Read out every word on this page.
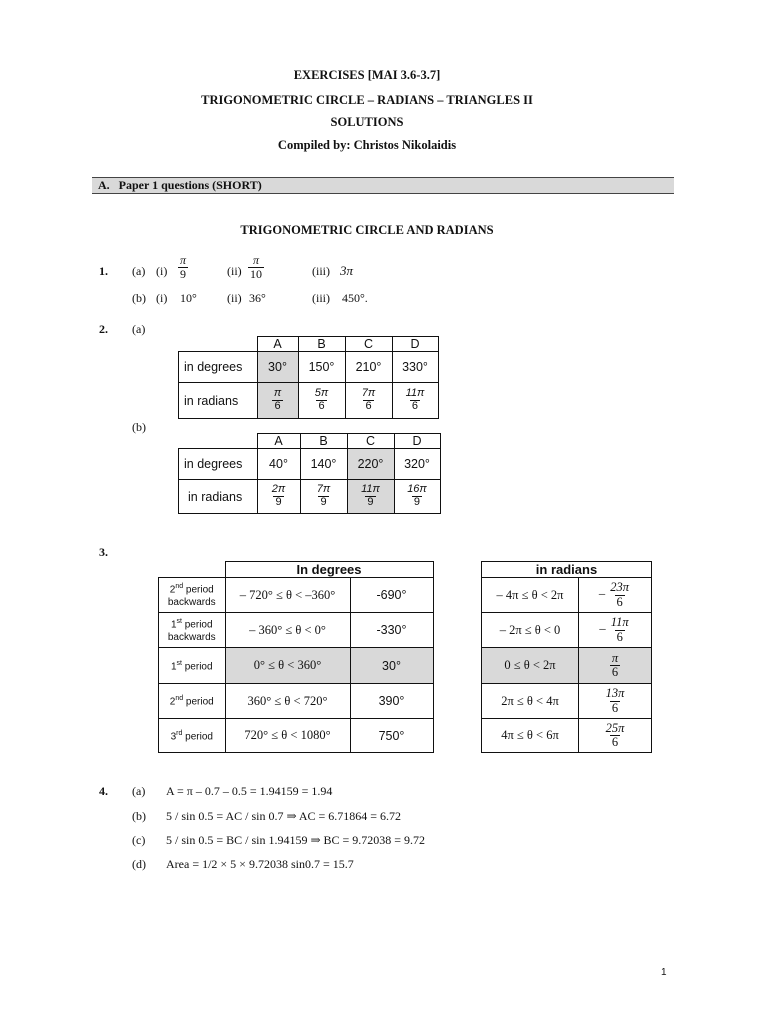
EXERCISES [MAI 3.6-3.7]
TRIGONOMETRIC CIRCLE – RADIANS – TRIANGLES II
SOLUTIONS
Compiled by: Christos Nikolaidis
A. Paper 1 questions (SHORT)
TRIGONOMETRIC CIRCLE AND RADIANS
1. (a) $(i) \frac{\pi}{9}$	$(ii) \frac{\pi}{10}$	(iii) 3π
(b) (i) 10°	(ii) 36°	(iii) 450°.
2. (a)
	A	B	C	D
in degrees	30°	150°	210°	330°
in radians	$\frac{\pi}{6}$	$\frac{5\pi}{6}$	$\frac{7\pi}{6}$	$\frac{11\pi}{6}$
(b)
	A	B	C	D
in degrees	40°	140°	220°	320°
in radians	$\frac{2\pi}{9}$	$\frac{7\pi}{9}$	$\frac{11\pi}{9}$	$\frac{16\pi}{9}$
3.
	In degrees	
2nd period backwards	– 720° ≤ θ < –360°	-690°
1st period backwards	– 360° ≤ θ < 0°	-330°
1st period	0° ≤ θ < 360°	30°
2nd period	360° ≤ θ < 720°	390°
3rd period	720° ≤ θ < 1080°	750°
in radians	
– 4π ≤ θ < 2π	– $\frac{23\pi}{6}$

– 2π ≤ θ < 0	– $\frac{11\pi}{6}$

0 ≤ θ < 2π	$\frac{\pi}{6}$

2π ≤ θ < 4π	$\frac{13\pi}{6}$

4π ≤ θ < 6π	$\frac{25\pi}{6}$
4. (a) A = π – 0.7 – 0.5 = 1.94159 = 1.94
(b) 5 / sin 0.5 = AC / sin 0.7 ⇒ AC = 6.71864 = 6.72
(c) 5 / sin 0.5 = BC / sin 1.94159 ⇒ BC = 9.72038 = 9.72
(d) Area = 1/2 × 5 × 9.72038 sin0.7 = 15.7
1
